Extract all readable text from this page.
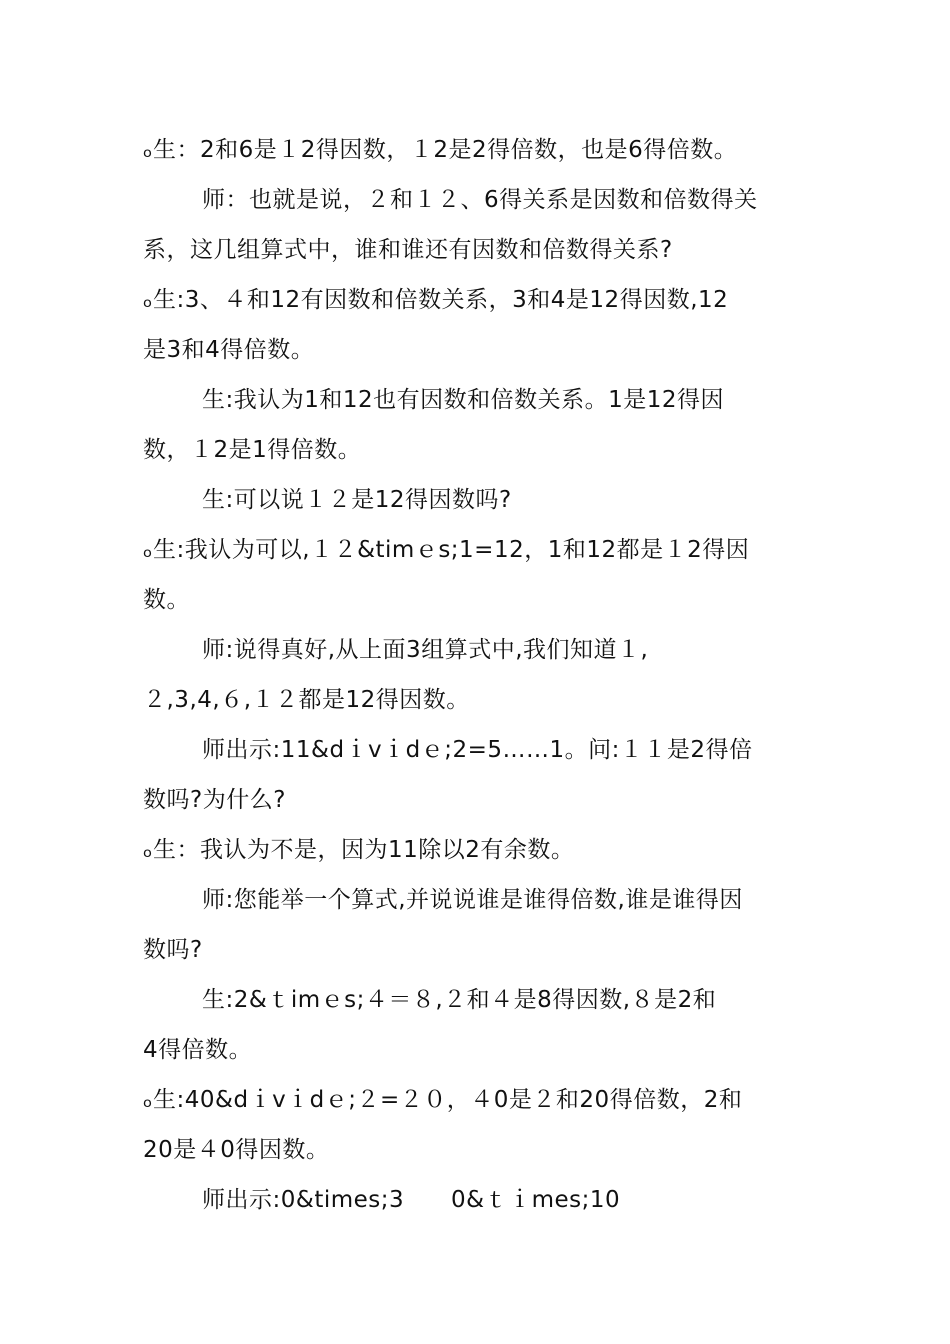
ₒ生：2和6是１2得因数，１2是2得倍数，也是6得倍数。
师：也就是说，２和１２、6得关系是因数和倍数得关
系，这几组算式中，谁和谁还有因数和倍数得关系?
ₒ生:3、４和12有因数和倍数关系，3和4是12得因数,12
是3和4得倍数。
生:我认为1和12也有因数和倍数关系。1是12得因
数，１2是1得倍数。
生:可以说１２是12得因数吗?
ₒ生:我认为可以,１２&timｅs;1=12，1和12都是１2得因
数。
师:说得真好,从上面3组算式中,我们知道１,
２,3,4,６,１２都是12得因数。
师出示:11&dｉvｉdｅ;2=5……1。问:１１是2得倍
数吗?为什么?
ₒ生：我认为不是，因为11除以2有余数。
师:您能举一个算式,并说说谁是谁得倍数,谁是谁得因
数吗?
生:2&ｔimｅs;４＝８,２和４是8得因数,８是2和
4得倍数。
ₒ生:40&dｉvｉdｅ;２=２０，４0是２和20得倍数，2和
20是４0得因数。
师出示:0&times;3      0&ｔｉmes;10
